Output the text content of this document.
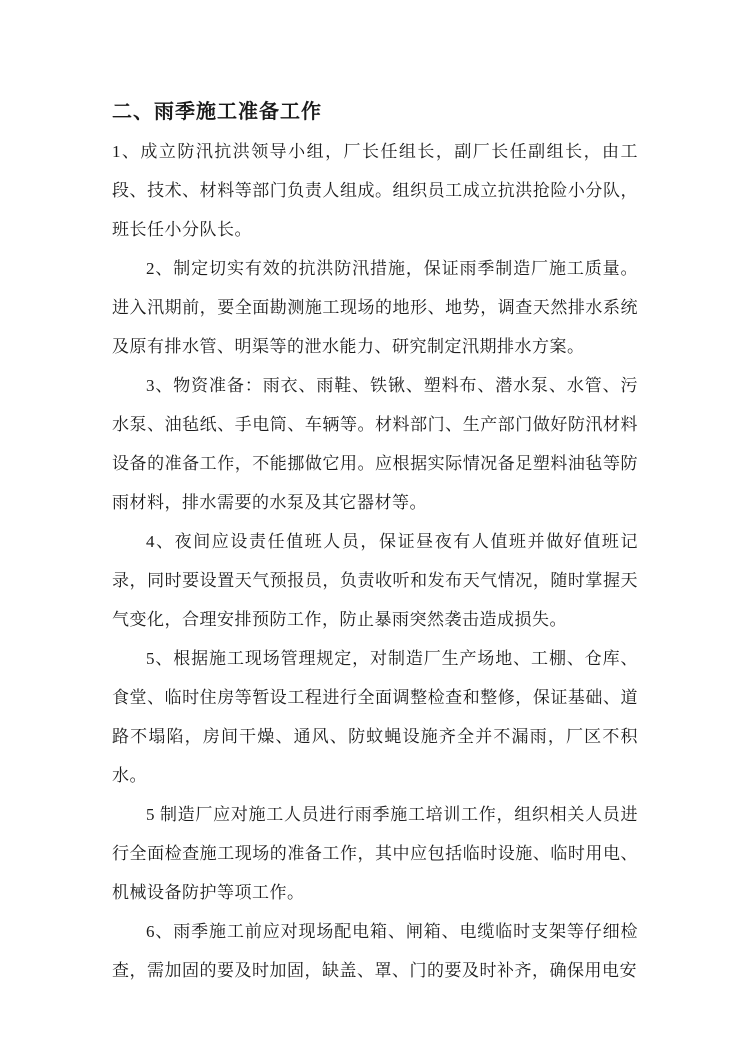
二、雨季施工准备工作

1、成立防汛抗洪领导小组，厂长任组长，副厂长任副组长，由工段、技术、材料等部门负责人组成。组织员工成立抗洪抢险小分队，班长任小分队长。

2、制定切实有效的抗洪防汛措施，保证雨季制造厂施工质量。进入汛期前，要全面勘测施工现场的地形、地势，调查天然排水系统及原有排水管、明渠等的泄水能力、研究制定汛期排水方案。

3、物资准备：雨衣、雨鞋、铁锹、塑料布、潜水泵、水管、污水泵、油毡纸、手电筒、车辆等。材料部门、生产部门做好防汛材料设备的准备工作，不能挪做它用。应根据实际情况备足塑料油毡等防雨材料，排水需要的水泵及其它器材等。

4、夜间应设责任值班人员，保证昼夜有人值班并做好值班记录，同时要设置天气预报员，负责收听和发布天气情况，随时掌握天气变化，合理安排预防工作，防止暴雨突然袭击造成损失。

5、根据施工现场管理规定，对制造厂生产场地、工棚、仓库、食堂、临时住房等暂设工程进行全面调整检查和整修，保证基础、道路不塌陷，房间干燥、通风、防蚊蝇设施齐全并不漏雨，厂区不积水。

5 制造厂应对施工人员进行雨季施工培训工作，组织相关人员进行全面检查施工现场的准备工作，其中应包括临时设施、临时用电、机械设备防护等项工作。

6、雨季施工前应对现场配电箱、闸箱、电缆临时支架等仔细检查，需加固的要及时加固，缺盖、罩、门的要及时补齐，确保用电安
